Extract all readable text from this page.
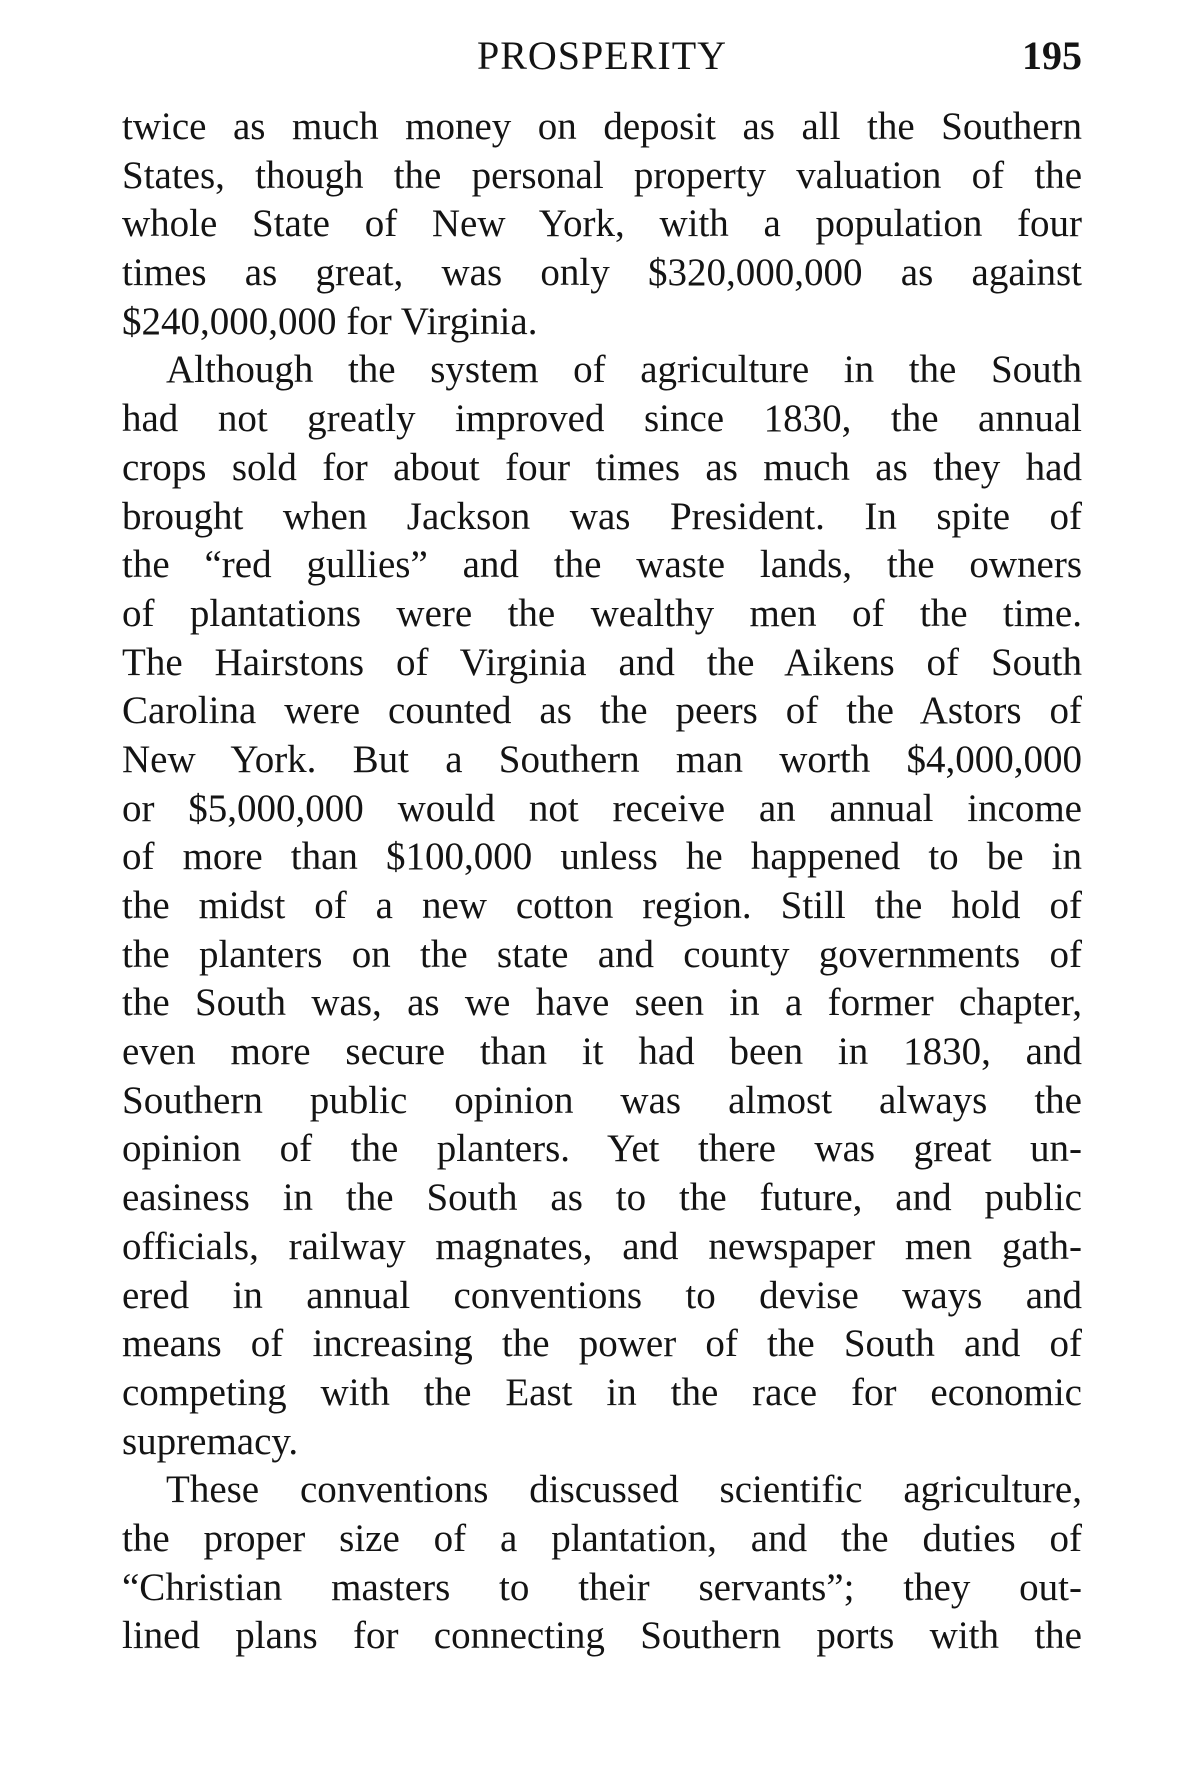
PROSPERITY	195
twice as much money on deposit as all the Southern
States, though the personal property valuation of the
whole State of New York, with a population four
times as great, was only $320,000,000 as against
$240,000,000 for Virginia.
Although the system of agriculture in the South
had not greatly improved since 1830, the annual
crops sold for about four times as much as they had
brought when Jackson was President. In spite of
the “red gullies” and the waste lands, the owners
of plantations were the wealthy men of the time.
The Hairstons of Virginia and the Aikens of South
Carolina were counted as the peers of the Astors of
New York. But a Southern man worth $4,000,000
or $5,000,000 would not receive an annual income
of more than $100,000 unless he happened to be in
the midst of a new cotton region. Still the hold of
the planters on the state and county governments of
the South was, as we have seen in a former chapter,
even more secure than it had been in 1830, and
Southern public opinion was almost always the
opinion of the planters. Yet there was great un-
easiness in the South as to the future, and public
officials, railway magnates, and newspaper men gath-
ered in annual conventions to devise ways and
means of increasing the power of the South and of
competing with the East in the race for economic
supremacy.
These conventions discussed scientific agriculture,
the proper size of a plantation, and the duties of
“Christian masters to their servants”; they out-
lined plans for connecting Southern ports with the
